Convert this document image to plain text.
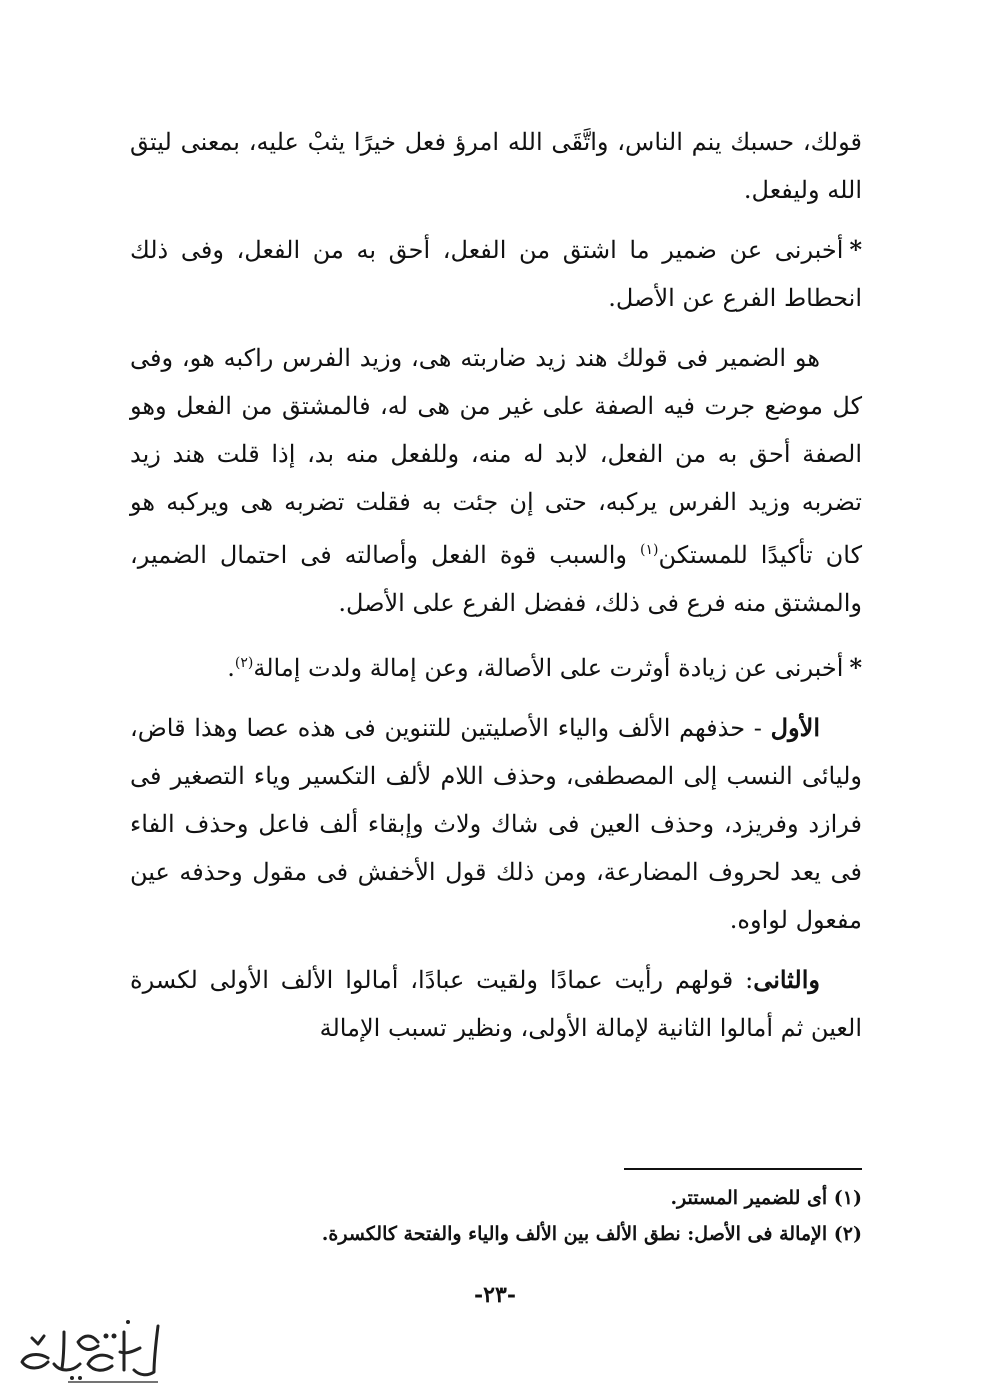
قولك، حسبك ينم الناس، واتَّقَى الله امرؤ فعل خيرًا يثبْ عليه، بمعنى ليتق الله وليفعل.

*أخبرنى عن ضمير ما اشتق من الفعل، أحق به من الفعل، وفى ذلك انحطاط الفرع عن الأصل.

هو الضمير فى قولك هند زيد ضاربته هى، وزيد الفرس راكبه هو، وفى كل موضع جرت فيه الصفة على غير من هى له، فالمشتق من الفعل وهو الصفة أحق به من الفعل، لابد له منه، وللفعل منه بد، إذا قلت هند زيد تضربه وزيد الفرس يركبه، حتى إن جئت به فقلت تضربه هى ويركبه هو كان تأكيدًا للمستكن$^{(١)}$ والسبب قوة الفعل وأصالته فى احتمال الضمير، والمشتق منه فرع فى ذلك، ففضل الفرع على الأصل.

*أخبرنى عن زيادة أوثرت على الأصالة، وعن إمالة ولدت إمالة$^{(٢)}$.

الأول - حذفهم الألف والياء الأصليتين للتنوين فى هذه عصا وهذا قاض، وليائى النسب إلى المصطفى، وحذف اللام لألف التكسير وياء التصغير فى فرازد وفريزد، وحذف العين فى شاك ولاث وإبقاء ألف فاعل وحذف الفاء فى يعد لحروف المضارعة، ومن ذلك قول الأخفش فى مقول وحذفه عين مفعول لواوه.

والثانى: قولهم رأيت عمادًا ولقيت عبادًا، أمالوا الألف الأولى لكسرة العين ثم أمالوا الثانية لإمالة الأولى، ونظير تسبب الإمالة

(١) أى للضمير المستتر.

(٢) الإمالة فى الأصل: نطق الألف بين الألف والياء والفتحة كالكسرة.

-٢٣-
